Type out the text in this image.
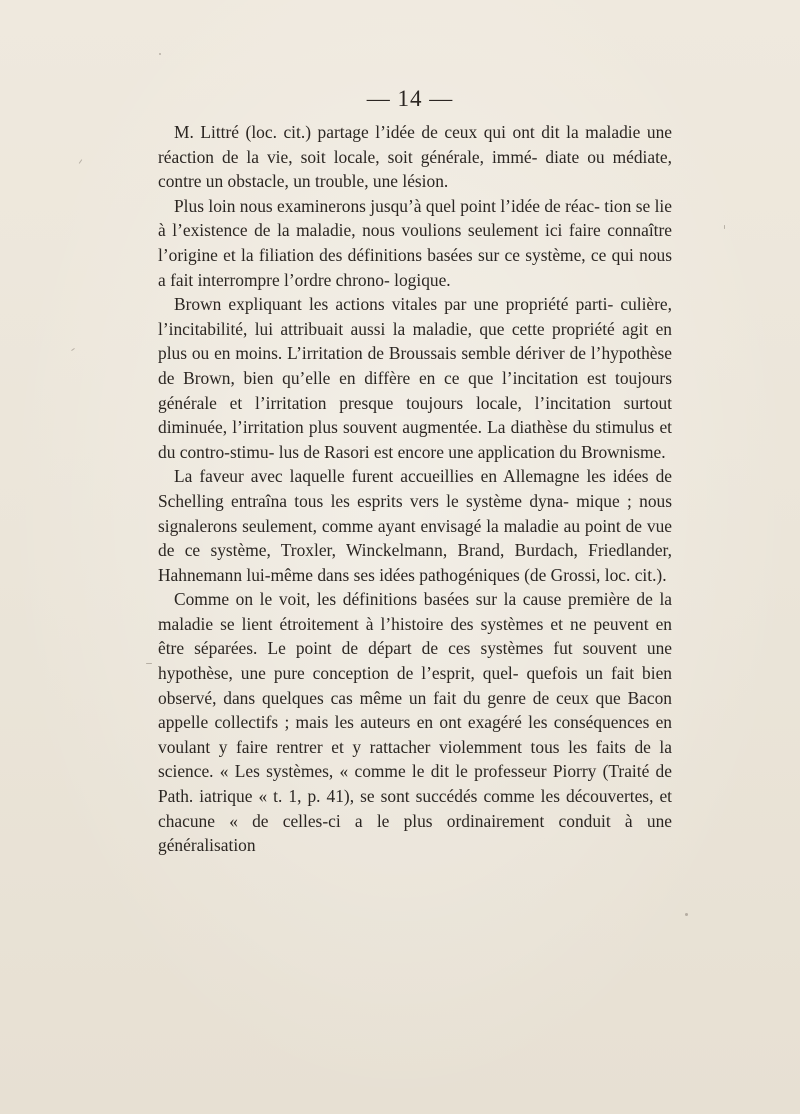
— 14 —

M. Littré (loc. cit.) partage l’idée de ceux qui ont dit la maladie une réaction de la vie, soit locale, soit générale, immé- diate ou médiate, contre un obstacle, un trouble, une lésion.

Plus loin nous examinerons jusqu’à quel point l’idée de réac- tion se lie à l’existence de la maladie, nous voulions seulement ici faire connaître l’origine et la filiation des définitions basées sur ce système, ce qui nous a fait interrompre l’ordre chrono- logique.

Brown expliquant les actions vitales par une propriété parti- culière, l’incitabilité, lui attribuait aussi la maladie, que cette propriété agit en plus ou en moins. L’irritation de Broussais semble dériver de l’hypothèse de Brown, bien qu’elle en diffère en ce que l’incitation est toujours générale et l’irritation presque toujours locale, l’incitation surtout diminuée, l’irritation plus souvent augmentée. La diathèse du stimulus et du contro-stimu- lus de Rasori est encore une application du Brownisme.

La faveur avec laquelle furent accueillies en Allemagne les idées de Schelling entraîna tous les esprits vers le système dyna- mique ; nous signalerons seulement, comme ayant envisagé la maladie au point de vue de ce système, Troxler, Winckelmann, Brand, Burdach, Friedlander, Hahnemann lui-même dans ses idées pathogéniques (de Grossi, loc. cit.).

Comme on le voit, les définitions basées sur la cause première de la maladie se lient étroitement à l’histoire des systèmes et ne peuvent en être séparées. Le point de départ de ces systèmes fut souvent une hypothèse, une pure conception de l’esprit, quel- quefois un fait bien observé, dans quelques cas même un fait du genre de ceux que Bacon appelle collectifs ; mais les auteurs en ont exagéré les conséquences en voulant y faire rentrer et y rattacher violemment tous les faits de la science. « Les systèmes, « comme le dit le professeur Piorry (Traité de Path. iatrique « t. 1, p. 41), se sont succédés comme les découvertes, et chacune « de celles-ci a le plus ordinairement conduit à une généralisation
